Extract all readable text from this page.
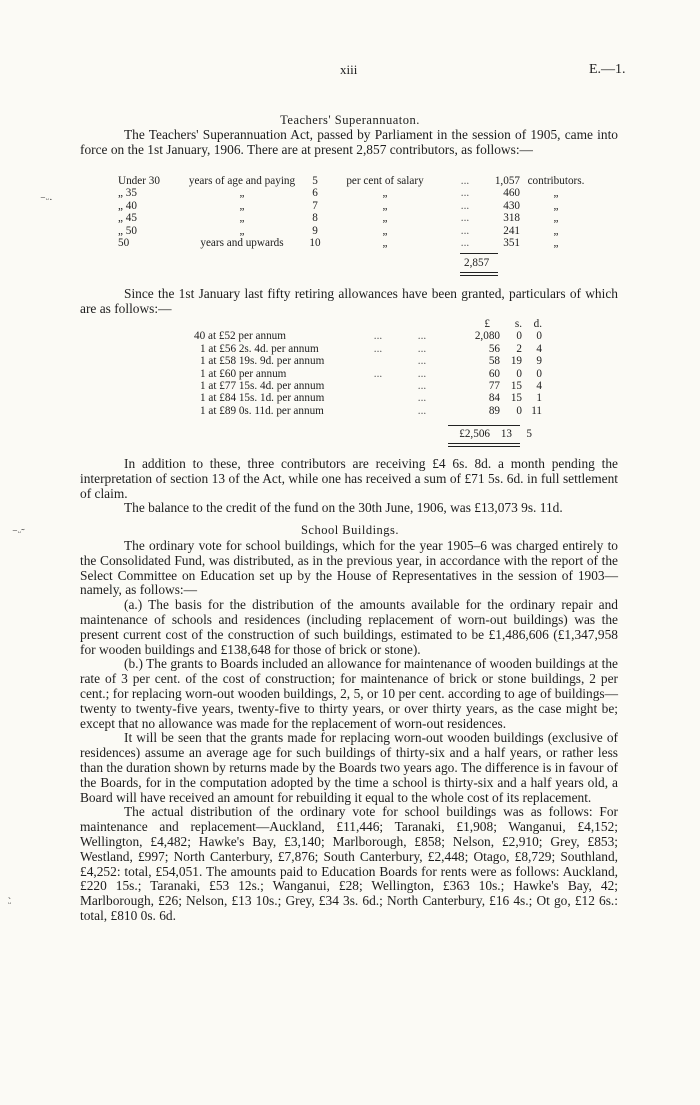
xiii	E.—1.
⁻ᵕ·
⁻ᵕ˜
ᵕ̀
Teachers' Superannuaton.

The Teachers' Superannuation Act, passed by Parliament in the session of 1905, came into force on the 1st January, 1906. There are at present 2,857 contributors, as follows:—

Under 30	years of age and paying	5	per cent of salary	...	1,057	contributors.
„ 35	„	6	„	...	460	„
„ 40	„	7	„	...	430	„
„ 45	„	8	„	...	318	„
„ 50	„	9	„	...	241	„
50	years and upwards	10	„	...	351	„
2,857

Since the 1st January last fifty retiring allowances have been granted, particulars of which are as follows:—

			£	s.	d.
40 at £52 per annum	...	...	2,080	0	0
1 at £56 2s. 4d. per annum	...	...	56	2	4
1 at £58 19s. 9d. per annum		...	58	19	9
1 at £60 per annum	...	...	60	0	0
1 at £77 15s. 4d. per annum		...	77	15	4
1 at £84 15s. 1d. per annum		...	84	15	1
1 at £89 0s. 11d. per annum		...	89	0	11
£2,506	13	5

In addition to these, three contributors are receiving £4 6s. 8d. a month pending the interpretation of section 13 of the Act, while one has received a sum of £71 5s. 6d. in full settlement of claim.

The balance to the credit of the fund on the 30th June, 1906, was £13,073 9s. 11d.

School Buildings.

The ordinary vote for school buildings, which for the year 1905–6 was charged entirely to the Consolidated Fund, was distributed, as in the previous year, in accordance with the report of the Select Committee on Education set up by the House of Representatives in the session of 1903—namely, as follows:—

(a.) The basis for the distribution of the amounts available for the ordinary repair and maintenance of schools and residences (including replacement of worn-out buildings) was the present current cost of the construction of such buildings, estimated to be £1,486,606 (£1,347,958 for wooden buildings and £138,648 for those of brick or stone).

(b.) The grants to Boards included an allowance for maintenance of wooden buildings at the rate of 3 per cent. of the cost of construction; for maintenance of brick or stone buildings, 2 per cent.; for replacing worn-out wooden buildings, 2, 5, or 10 per cent. according to age of buildings—twenty to twenty-five years, twenty-five to thirty years, or over thirty years, as the case might be; except that no allowance was made for the replacement of worn-out residences.

It will be seen that the grants made for replacing worn-out wooden buildings (exclusive of residences) assume an average age for such buildings of thirty-six and a half years, or rather less than the duration shown by returns made by the Boards two years ago. The difference is in favour of the Boards, for in the computation adopted by the time a school is thirty-six and a half years old, a Board will have received an amount for rebuilding it equal to the whole cost of its replacement.

The actual distribution of the ordinary vote for school buildings was as follows: For maintenance and replacement—Auckland, £11,446; Taranaki, £1,908; Wanganui, £4,152; Wellington, £4,482; Hawke's Bay, £3,140; Marlborough, £858; Nelson, £2,910; Grey, £853; Westland, £997; North Canterbury, £7,876; South Canterbury, £2,448; Otago, £8,729; Southland, £4,252: total, £54,051. The amounts paid to Education Boards for rents were as follows: Auckland, £220 15s.; Taranaki, £53 12s.; Wanganui, £28; Wellington, £363 10s.; Hawke's Bay, 42; Marlborough, £26; Nelson, £13 10s.; Grey, £34 3s. 6d.; North Canterbury, £16 4s.; Ot go, £12 6s.: total, £810 0s. 6d.
